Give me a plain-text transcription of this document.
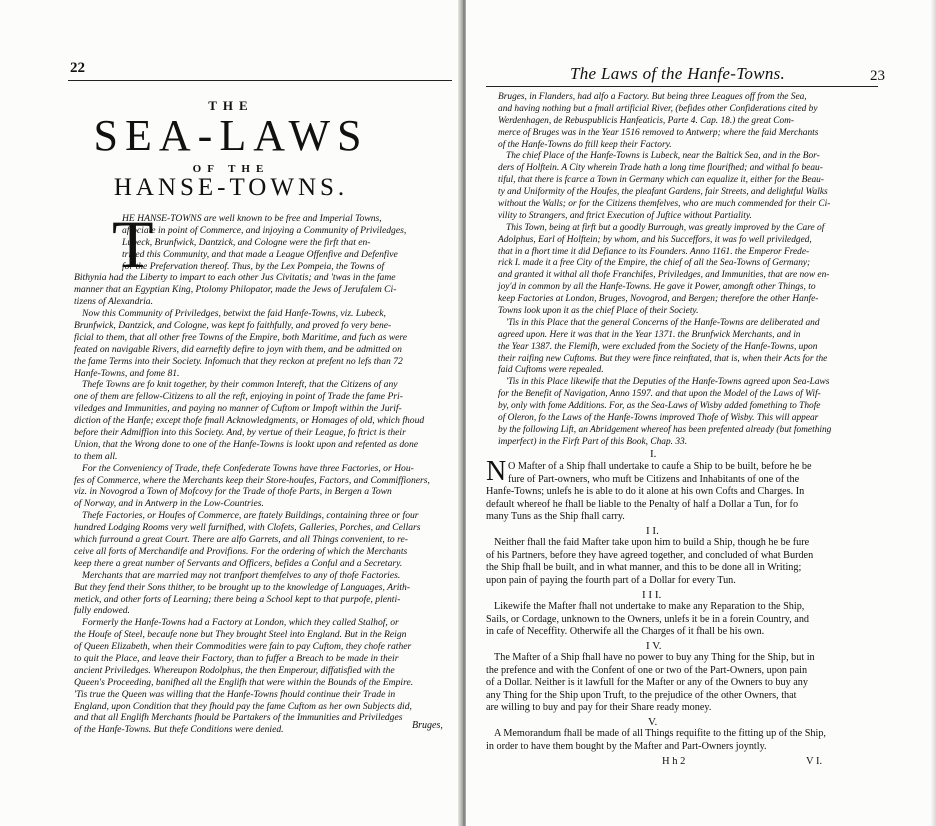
22
THE
SEA-LAWS
OF THE
HANSE-TOWNS.
T
HE HANSE-TOWNS are well known to be free and Imperial Towns,
affociate in point of Commerce, and injoying a Community of Priviledges,
Lubeck, Brunfwick, Dantzick, and Cologne were the firft that en-
trived this Community, and that made a League Offenfive and Defenfive
for the Prefervation thereof. Thus, by the Lex Pompeia, the Towns of
Bithynia had the Liberty to impart to each other Jus Civitatis; and 'twas in the fame
manner that an Egyptian King, Ptolomy Philopator, made the Jews of Jerufalem Ci-
tizens of Alexandria.
Now this Community of Priviledges, betwixt the faid Hanfe-Towns, viz. Lubeck,
Brunfwick, Dantzick, and Cologne, was kept fo faithfully, and proved fo very bene-
ficial to them, that all other free Towns of the Empire, both Maritime, and fuch as were
feated on navigable Rivers, did earneftly defire to joyn with them, and be admitted on
the fame Terms into their Society. Infomuch that they reckon at prefent no lefs than 72
Hanfe-Towns, and fome 81.
Thefe Towns are fo knit together, by their common Intereft, that the Citizens of any
one of them are fellow-Citizens to all the reft, enjoying in point of Trade the fame Pri-
viledges and Immunities, and paying no manner of Cuftom or Impoft within the Jurif-
diction of the Hanfe; except thofe fmall Acknowledgments, or Homages of old, which fhoud
before their Admiffion into this Society. And, by vertue of their League, fo ftrict is their
Union, that the Wrong done to one of the Hanfe-Towns is lookt upon and refented as done
to them all.
For the Conveniency of Trade, thefe Confederate Towns have three Factories, or Hou-
fes of Commerce, where the Merchants keep their Store-houfes, Factors, and Commiffioners,
viz. in Novogrod a Town of Mofcovy for the Trade of thofe Parts, in Bergen a Town
of Norway, and in Antwerp in the Low-Countries.
Thefe Factories, or Houfes of Commerce, are ftately Buildings, containing three or four
hundred Lodging Rooms very well furnifhed, with Clofets, Galleries, Porches, and Cellars
which furround a great Court. There are alfo Garrets, and all Things convenient, to re-
ceive all forts of Merchandife and Provifions. For the ordering of which the Merchants
keep there a great number of Servants and Officers, befides a Conful and a Secretary.
Merchants that are married may not tranfport themfelves to any of thofe Factories.
But they fend their Sons thither, to be brought up to the knowledge of Languages, Arith-
metick, and other forts of Learning; there being a School kept to that purpofe, plenti-
fully endowed.
Formerly the Hanfe-Towns had a Factory at London, which they called Stalhof, or
the Houfe of Steel, becaufe none but They brought Steel into England. But in the Reign
of Queen Elizabeth, when their Commodities were fain to pay Cuftom, they chofe rather
to quit the Place, and leave their Factory, than to fuffer a Breach to be made in their
ancient Priviledges. Whereupon Rodolphus, the then Emperour, diffatisfied with the
Queen's Proceeding, banifhed all the Englifh that were within the Bounds of the Empire.
'Tis true the Queen was willing that the Hanfe-Towns fhould continue their Trade in
England, upon Condition that they fhould pay the fame Cuftom as her own Subjects did,
and that all Englifh Merchants fhould be Partakers of the Immunities and Priviledges
of the Hanfe-Towns. But thefe Conditions were denied.	Bruges,
The Laws of the Hanfe-Towns.	23
Bruges, in Flanders, had alfo a Factory. But being three Leagues off from the Sea,
and having nothing but a fmall artificial River, (befides other Confiderations cited by
Werdenhagen, de Rebuspublicis Hanfeaticis, Parte 4. Cap. 18.) the great Com-
merce of Bruges was in the Year 1516 removed to Antwerp; where the faid Merchants
of the Hanfe-Towns do ftill keep their Factory.
The chief Place of the Hanfe-Towns is Lubeck, near the Baltick Sea, and in the Bor-
ders of Holftein. A City wherein Trade hath a long time flourifhed; and withal fo beau-
tiful, that there is fcarce a Town in Germany which can equalize it, either for the Beau-
ty and Uniformity of the Houfes, the pleafant Gardens, fair Streets, and delightful Walks
without the Walls; or for the Citizens themfelves, who are much commended for their Ci-
vility to Strangers, and ftrict Execution of Juftice without Partiality.
This Town, being at firft but a goodly Burrough, was greatly improved by the Care of
Adolphus, Earl of Holftein; by whom, and his Succeffors, it was fo well priviledged,
that in a fhort time it did Defiance to its Founders. Anno 1161. the Emperor Frede-
rick I. made it a free City of the Empire, the chief of all the Sea-Towns of Germany;
and granted it withal all thofe Franchifes, Priviledges, and Immunities, that are now en-
joy'd in common by all the Hanfe-Towns. He gave it Power, amongft other Things, to
keep Factories at London, Bruges, Novogrod, and Bergen; therefore the other Hanfe-
Towns look upon it as the chief Place of their Society.
'Tis in this Place that the general Concerns of the Hanfe-Towns are deliberated and
agreed upon. Here it was that in the Year 1371. the Brunfwick Merchants, and in
the Year 1387. the Flemifh, were excluded from the Society of the Hanfe-Towns, upon
their raifing new Cuftoms. But they were fince reinftated, that is, when their Acts for the
faid Cuftoms were repealed.
'Tis in this Place likewife that the Deputies of the Hanfe-Towns agreed upon Sea-Laws
for the Benefit of Navigation, Anno 1597. and that upon the Model of the Laws of Wif-
by, only with fome Additions. For, as the Sea-Laws of Wisby added fomething to Thofe
of Oleron, fo the Laws of the Hanfe-Towns improved Thofe of Wisby. This will appear
by the following Lift, an Abridgement whereof has been prefented already (but fomething
imperfect) in the Firft Part of this Book, Chap. 33.
I.
N O Mafter of a Ship fhall undertake to caufe a Ship to be built, before he be
fure of Part-owners, who muft be Citizens and Inhabitants of one of the
Hanfe-Towns; unlefs he is able to do it alone at his own Cofts and Charges. In
default whereof he fhall be liable to the Penalty of half a Dollar a Tun, for fo
many Tuns as the Ship fhall carry.
I I.
Neither fhall the faid Mafter take upon him to build a Ship, though he be fure
of his Partners, before they have agreed together, and concluded of what Burden
the Ship fhall be built, and in what manner, and this to be done all in Writing;
upon pain of paying the fourth part of a Dollar for every Tun.
I I I.
Likewife the Mafter fhall not undertake to make any Reparation to the Ship,
Sails, or Cordage, unknown to the Owners, unlefs it be in a forein Country, and
in cafe of Neceffity. Otherwife all the Charges of it fhall be his own.
I V.
The Mafter of a Ship fhall have no power to buy any Thing for the Ship, but in
the prefence and with the Confent of one or two of the Part-Owners, upon pain
of a Dollar. Neither is it lawfull for the Mafter or any of the Owners to buy any
any Thing for the Ship upon Truft, to the prejudice of the other Owners, that
are willing to buy and pay for their Share ready money.
V.
A Memorandum fhall be made of all Things requifite to the fitting up of the Ship,
in order to have them bought by the Mafter and Part-Owners joyntly.
H h 2	V I.
